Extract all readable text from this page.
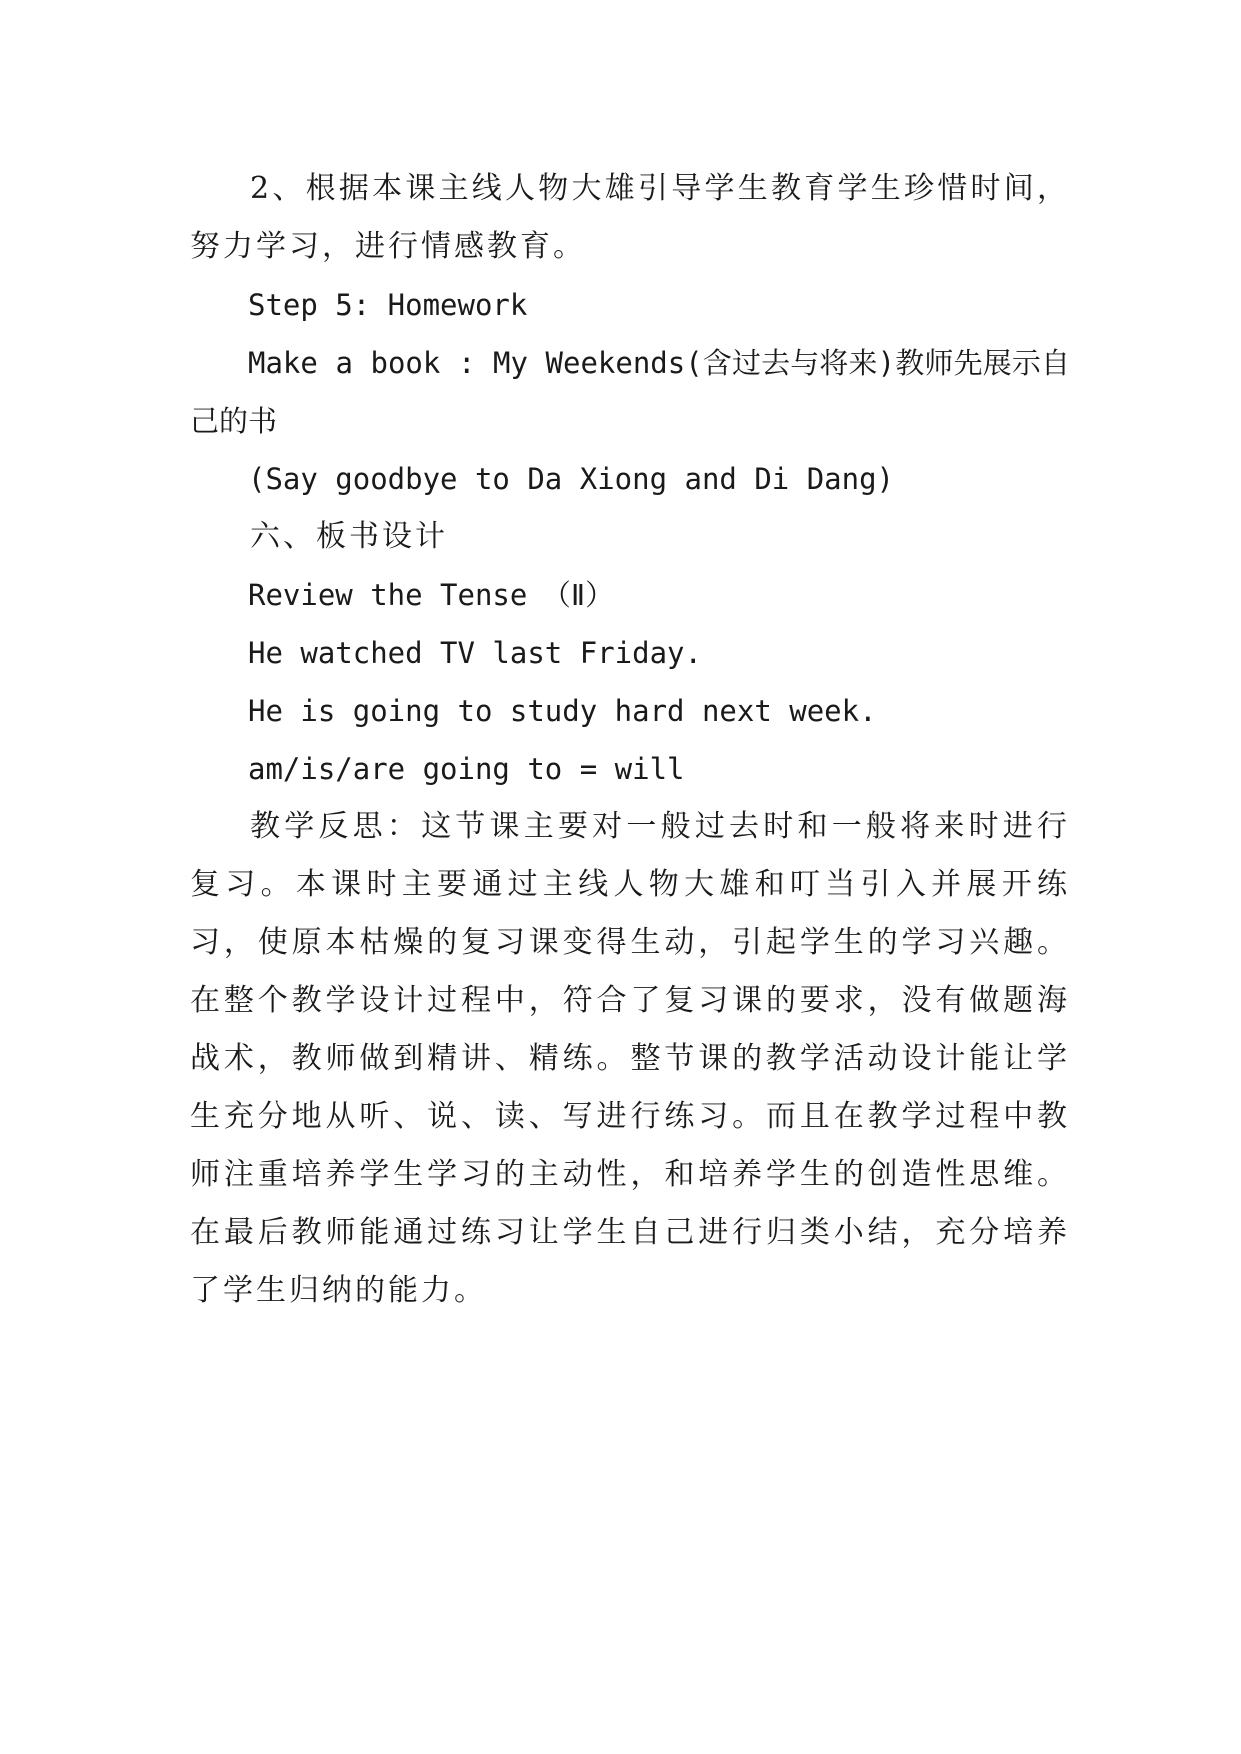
2、根据本课主线人物大雄引导学生教育学生珍惜时间，努力学习，进行情感教育。

Step 5: Homework

Make a book : My Weekends(含过去与将来)教师先展示自己的书

(Say goodbye to Da Xiong and Di Dang)

六、板书设计

Review the Tense　（Ⅱ）

He watched TV last Friday.

He is going to study hard next week.

am/is/are going to = will

教学反思：这节课主要对一般过去时和一般将来时进行复习。本课时主要通过主线人物大雄和叮当引入并展开练习，使原本枯燥的复习课变得生动，引起学生的学习兴趣。在整个教学设计过程中，符合了复习课的要求，没有做题海战术，教师做到精讲、精练。整节课的教学活动设计能让学生充分地从听、说、读、写进行练习。而且在教学过程中教师注重培养学生学习的主动性，和培养学生的创造性思维。在最后教师能通过练习让学生自己进行归类小结，充分培养了学生归纳的能力。
